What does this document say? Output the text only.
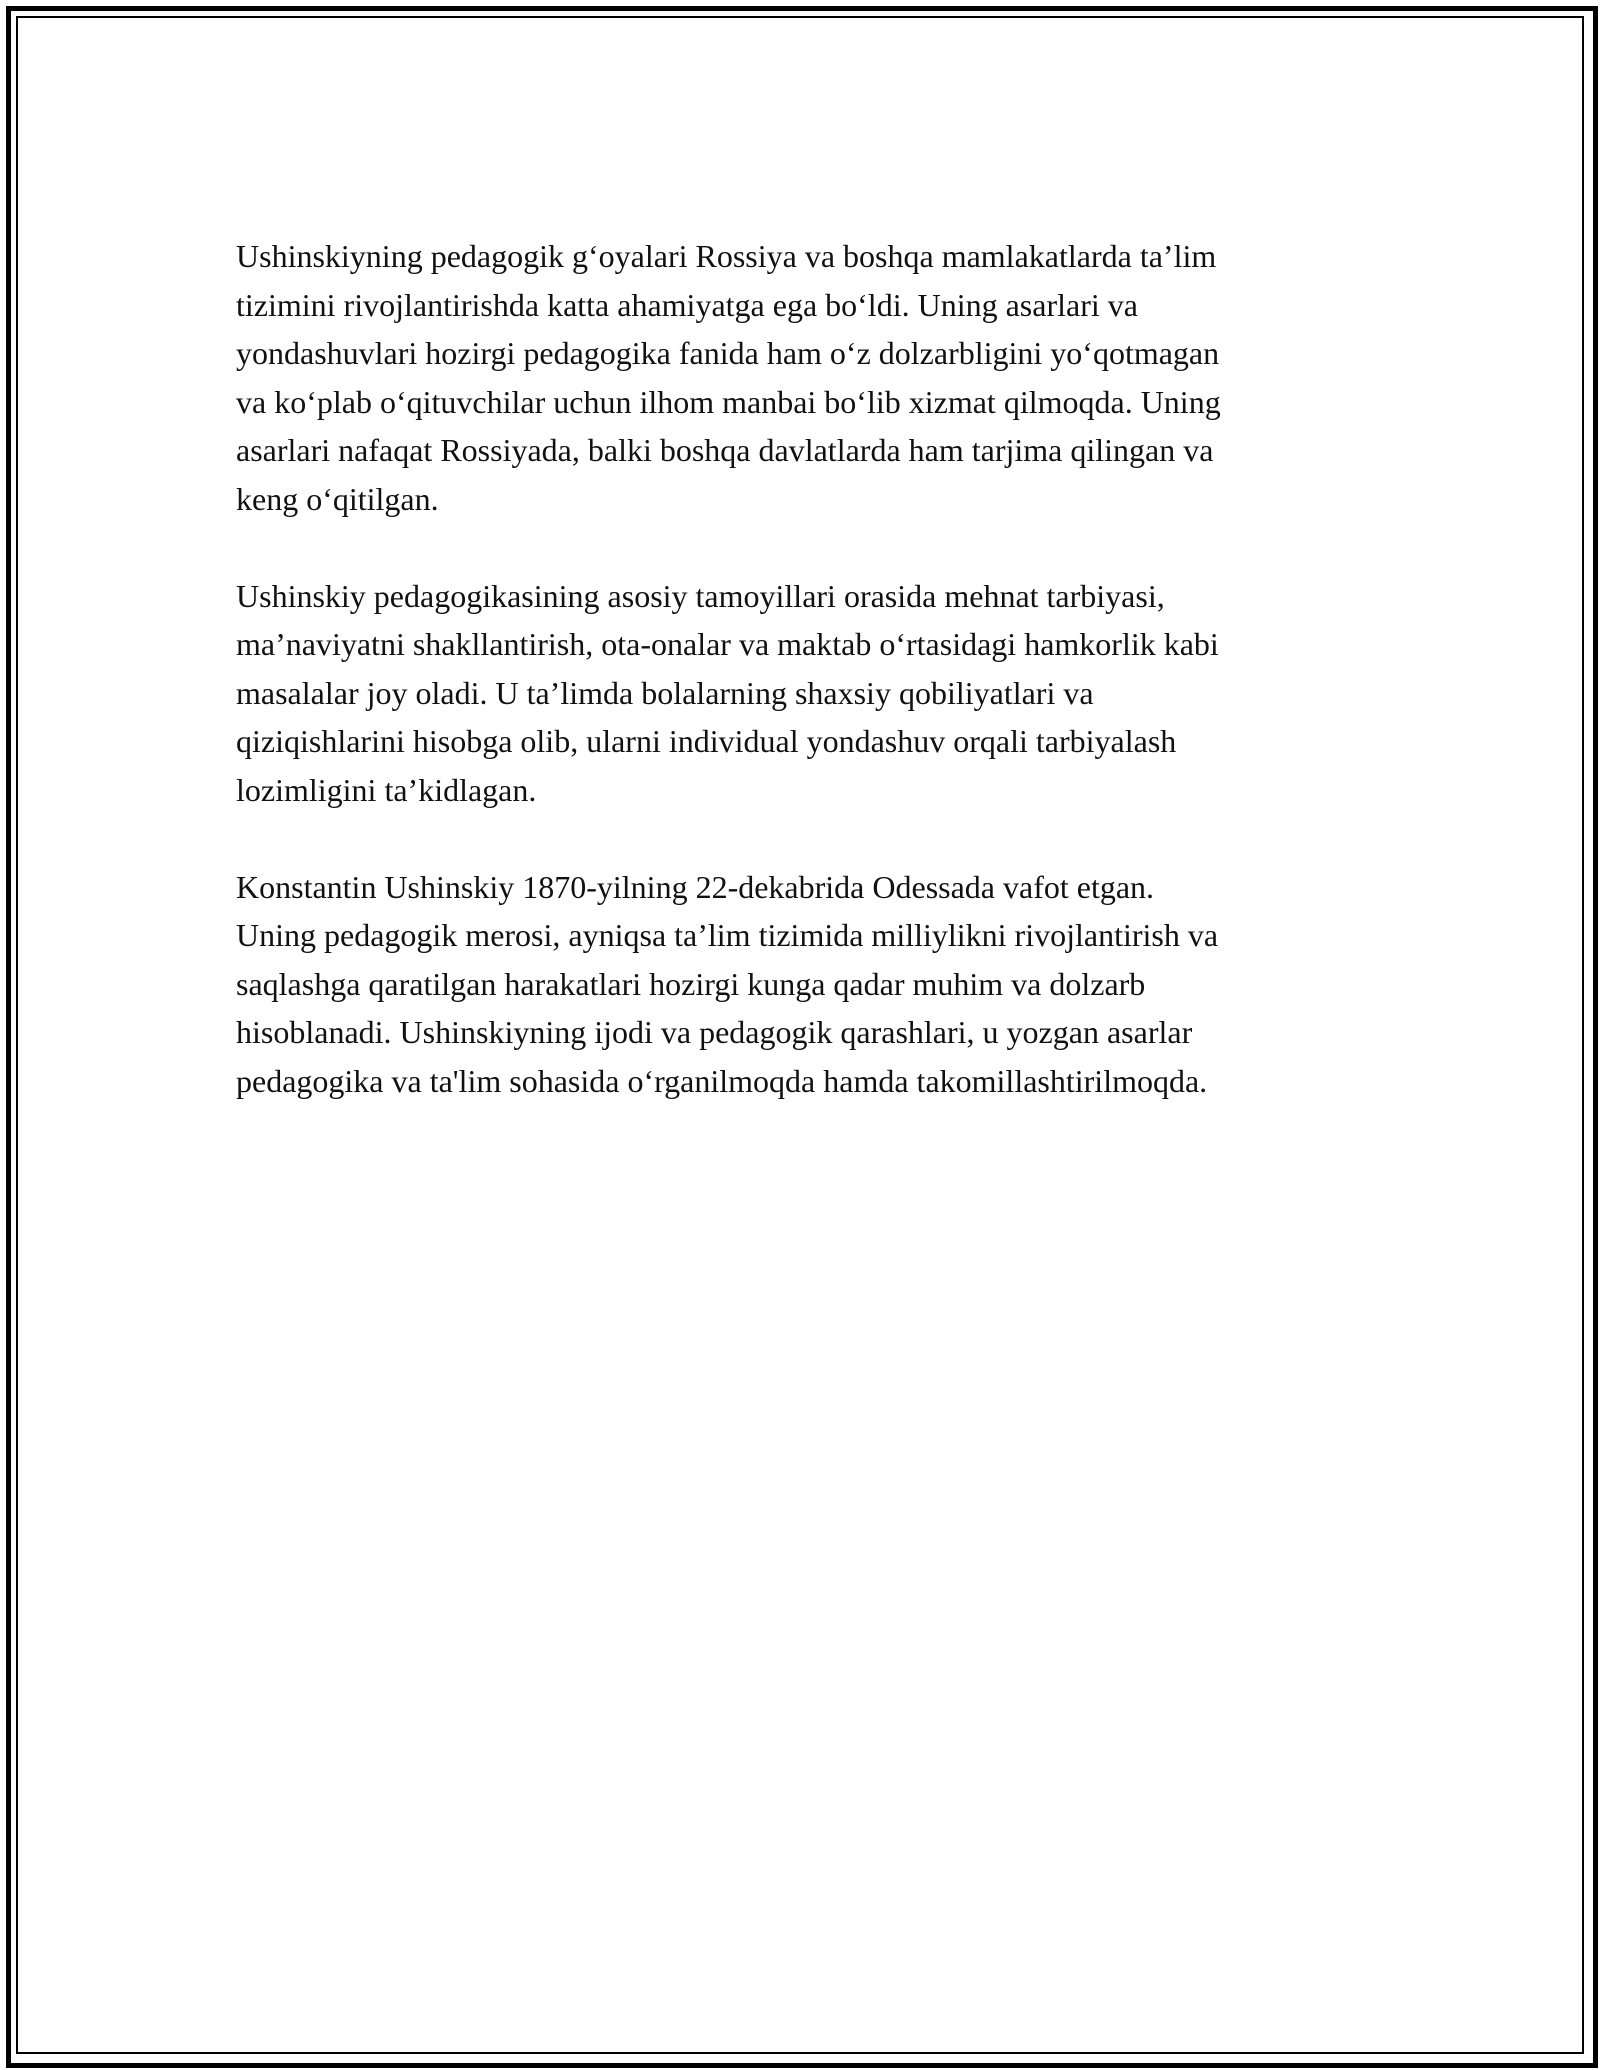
Ushinskiyning pedagogik g‘oyalari Rossiya va boshqa mamlakatlarda ta’lim
tizimini rivojlantirishda katta ahamiyatga ega bo‘ldi. Uning asarlari va
yondashuvlari hozirgi pedagogika fanida ham o‘z dolzarbligini yo‘qotmagan
va ko‘plab o‘qituvchilar uchun ilhom manbai bo‘lib xizmat qilmoqda. Uning
asarlari nafaqat Rossiyada, balki boshqa davlatlarda ham tarjima qilingan va
keng o‘qitilgan.

Ushinskiy pedagogikasining asosiy tamoyillari orasida mehnat tarbiyasi,
ma’naviyatni shakllantirish, ota-onalar va maktab o‘rtasidagi hamkorlik kabi
masalalar joy oladi. U ta’limda bolalarning shaxsiy qobiliyatlari va
qiziqishlarini hisobga olib, ularni individual yondashuv orqali tarbiyalash
lozimligini ta’kidlagan.

Konstantin Ushinskiy 1870-yilning 22-dekabrida Odessada vafot etgan.
Uning pedagogik merosi, ayniqsa ta’lim tizimida milliylikni rivojlantirish va
saqlashga qaratilgan harakatlari hozirgi kunga qadar muhim va dolzarb
hisoblanadi. Ushinskiyning ijodi va pedagogik qarashlari, u yozgan asarlar
pedagogika va ta'lim sohasida o‘rganilmoqda hamda takomillashtirilmoqda.
